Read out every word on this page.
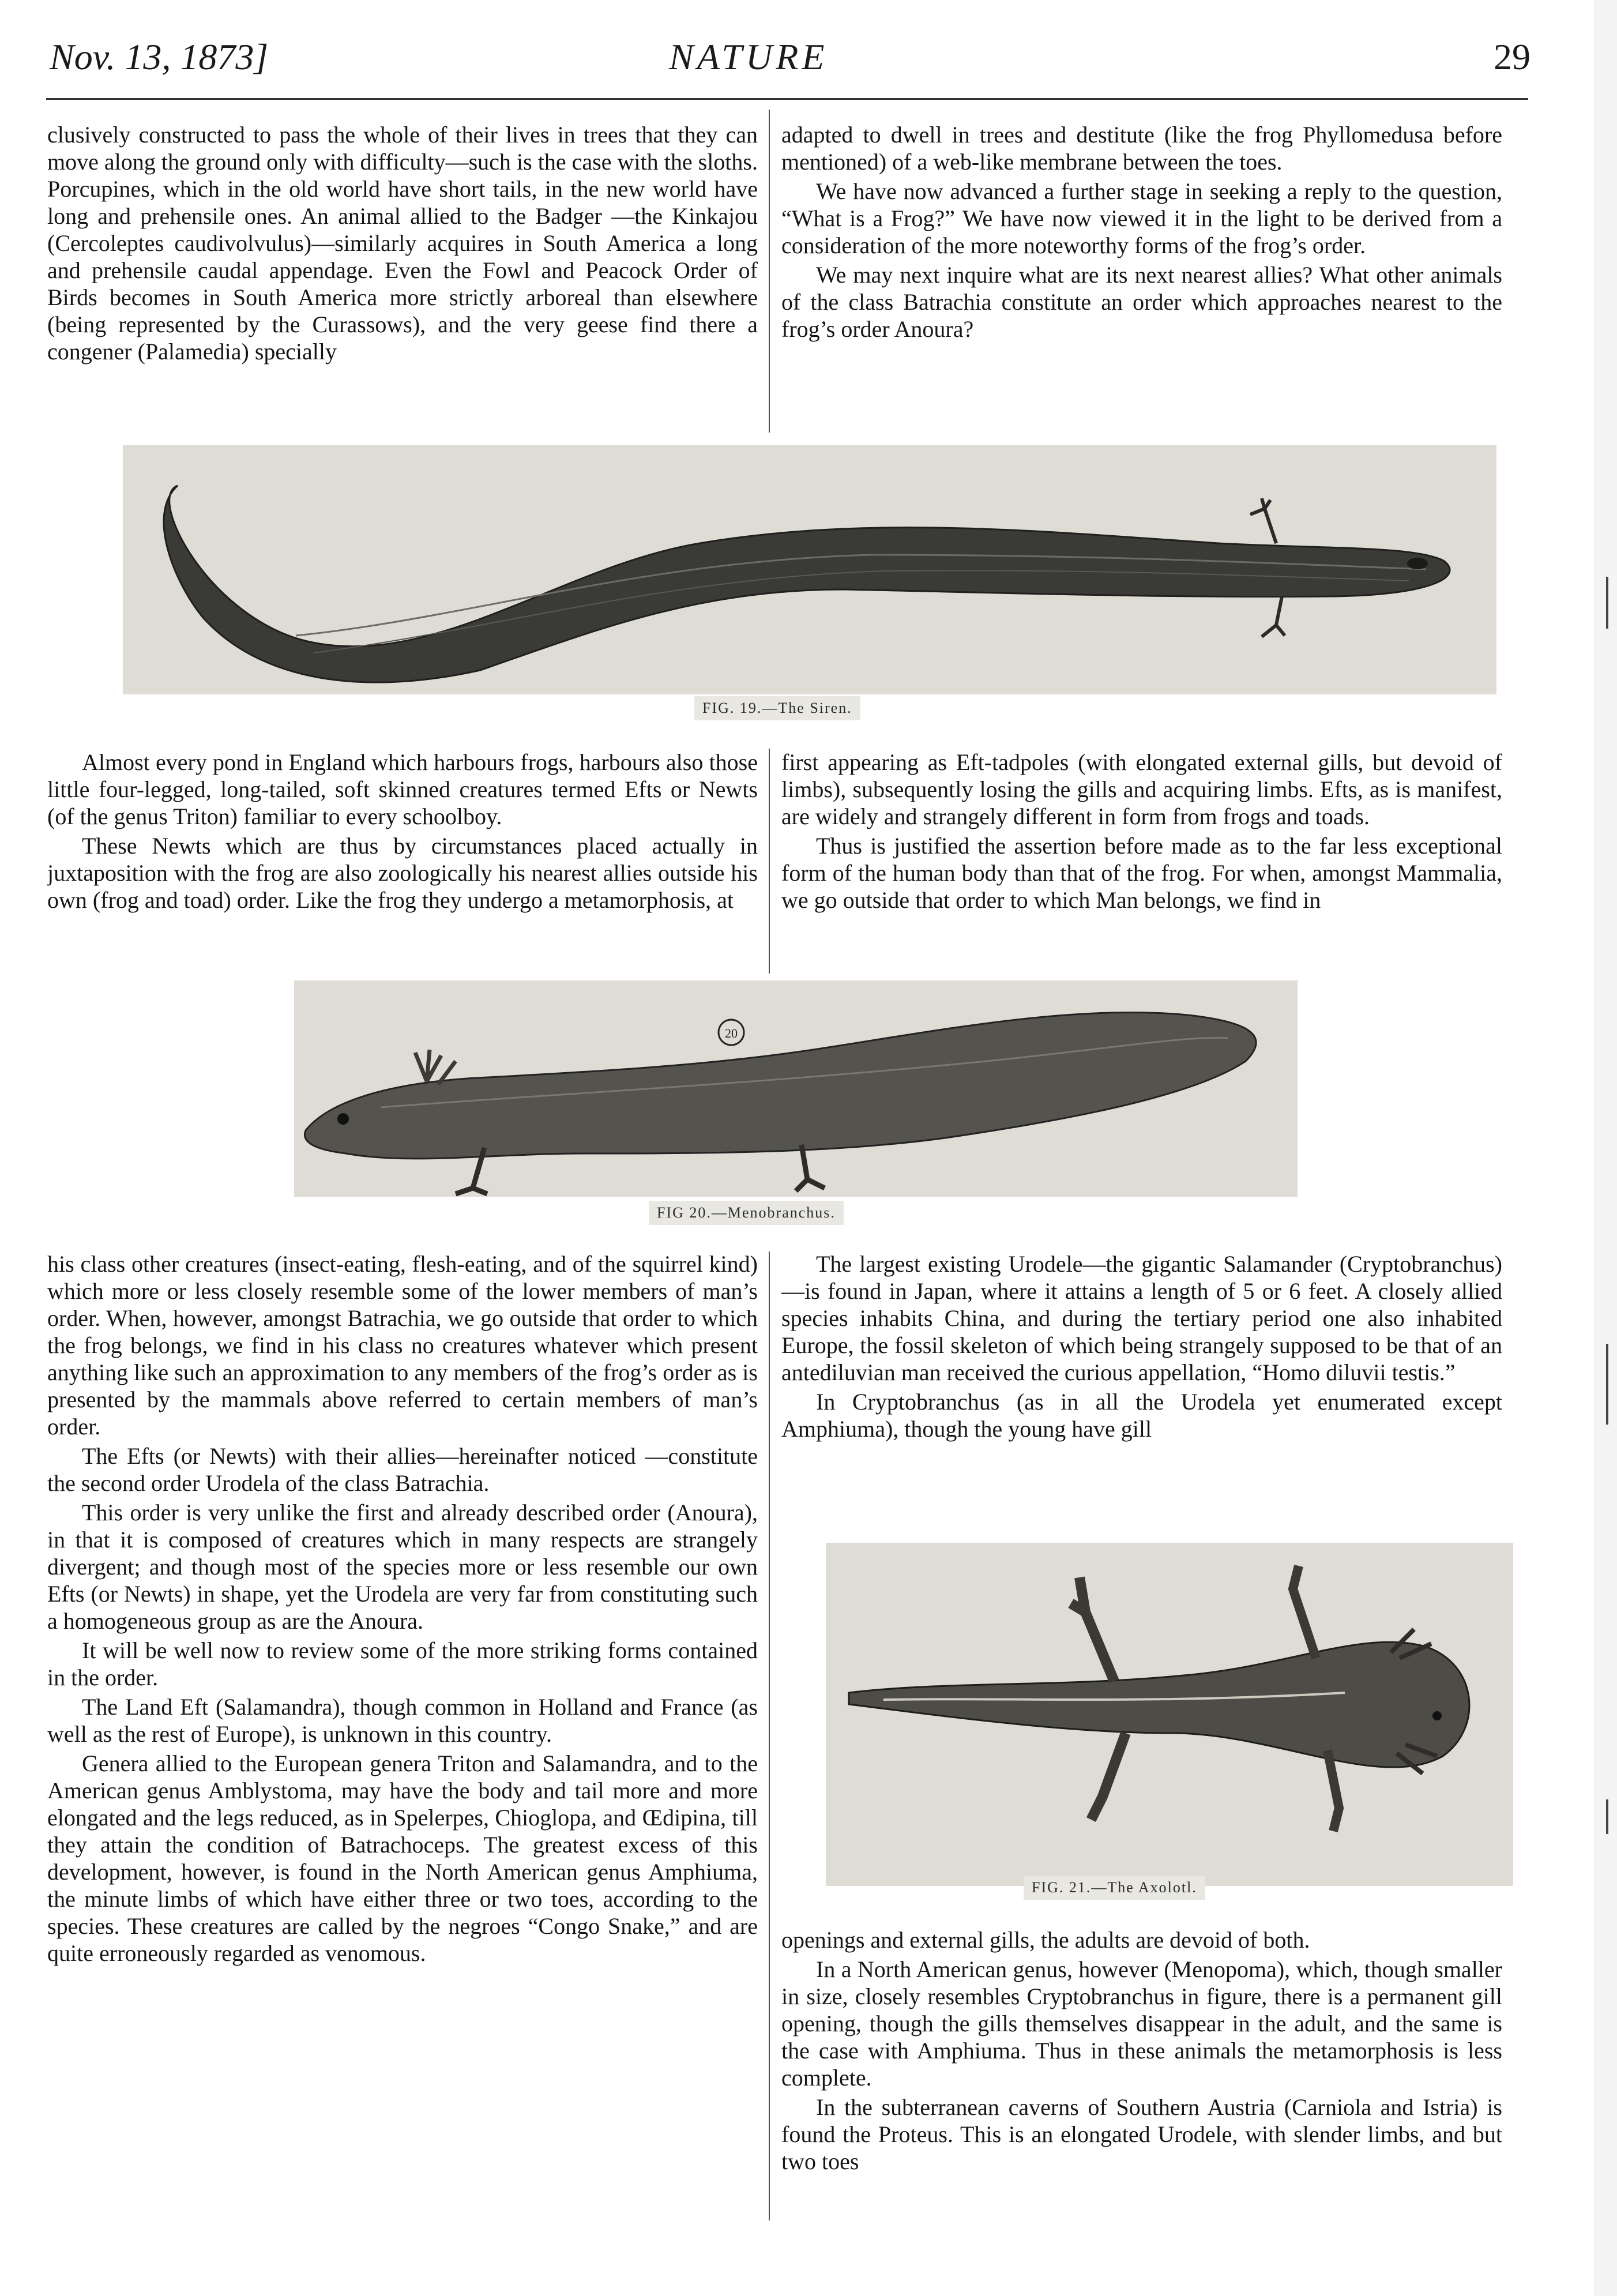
Nov. 13, 1873]	NATURE	29

clusively constructed to pass the whole of their lives in trees that they can move along the ground only with difficulty—such is the case with the sloths. Porcupines, which in the old world have short tails, in the new world have long and prehensile ones. An animal allied to the Badger —the Kinkajou (Cercoleptes caudivolvulus)—similarly acquires in South America a long and prehensile caudal appendage. Even the Fowl and Peacock Order of Birds becomes in South America more strictly arboreal than elsewhere (being represented by the Curassows), and the very geese find there a congener (Palamedia) specially

adapted to dwell in trees and destitute (like the frog Phyllomedusa before mentioned) of a web-like membrane between the toes.

We have now advanced a further stage in seeking a reply to the question, “What is a Frog?” We have now viewed it in the light to be derived from a consideration of the more noteworthy forms of the frog’s order.

We may next inquire what are its next nearest allies? What other animals of the class Batrachia constitute an order which approaches nearest to the frog’s order Anoura?

FIG. 19.—The Siren.

Almost every pond in England which harbours frogs, harbours also those little four-legged, long-tailed, soft skinned creatures termed Efts or Newts (of the genus Triton) familiar to every schoolboy.

These Newts which are thus by circumstances placed actually in juxtaposition with the frog are also zoologically his nearest allies outside his own (frog and toad) order. Like the frog they undergo a metamorphosis, at

first appearing as Eft-tadpoles (with elongated external gills, but devoid of limbs), subsequently losing the gills and acquiring limbs. Efts, as is manifest, are widely and strangely different in form from frogs and toads.

Thus is justified the assertion before made as to the far less exceptional form of the human body than that of the frog. For when, amongst Mammalia, we go outside that order to which Man belongs, we find in

20
FIG 20.—Menobranchus.

his class other creatures (insect-eating, flesh-eating, and of the squirrel kind) which more or less closely resemble some of the lower members of man’s order. When, however, amongst Batrachia, we go outside that order to which the frog belongs, we find in his class no creatures whatever which present anything like such an approximation to any members of the frog’s order as is presented by the mammals above referred to certain members of man’s order.

The Efts (or Newts) with their allies—hereinafter noticed —constitute the second order Urodela of the class Batrachia.

This order is very unlike the first and already described order (Anoura), in that it is composed of creatures which in many respects are strangely divergent; and though most of the species more or less resemble our own Efts (or Newts) in shape, yet the Urodela are very far from constituting such a homogeneous group as are the Anoura.

It will be well now to review some of the more striking forms contained in the order.

The Land Eft (Salamandra), though common in Holland and France (as well as the rest of Europe), is unknown in this country.

Genera allied to the European genera Triton and Salamandra, and to the American genus Amblystoma, may have the body and tail more and more elongated and the legs reduced, as in Spelerpes, Chioglopa, and Œdipina, till they attain the condition of Batrachoceps. The greatest excess of this development, however, is found in the North American genus Amphiuma, the minute limbs of which have either three or two toes, according to the species. These creatures are called by the negroes “Congo Snake,” and are quite erroneously regarded as venomous.

The largest existing Urodele—the gigantic Salamander (Cryptobranchus)—is found in Japan, where it attains a length of 5 or 6 feet. A closely allied species inhabits China, and during the tertiary period one also inhabited Europe, the fossil skeleton of which being strangely supposed to be that of an antediluvian man received the curious appellation, “Homo diluvii testis.”

In Cryptobranchus (as in all the Urodela yet enumerated except Amphiuma), though the young have gill

FIG. 21.—The Axolotl.

openings and external gills, the adults are devoid of both.

In a North American genus, however (Menopoma), which, though smaller in size, closely resembles Cryptobranchus in figure, there is a permanent gill opening, though the gills themselves disappear in the adult, and the same is the case with Amphiuma. Thus in these animals the metamorphosis is less complete.

In the subterranean caverns of Southern Austria (Carniola and Istria) is found the Proteus. This is an elongated Urodele, with slender limbs, and but two toes
